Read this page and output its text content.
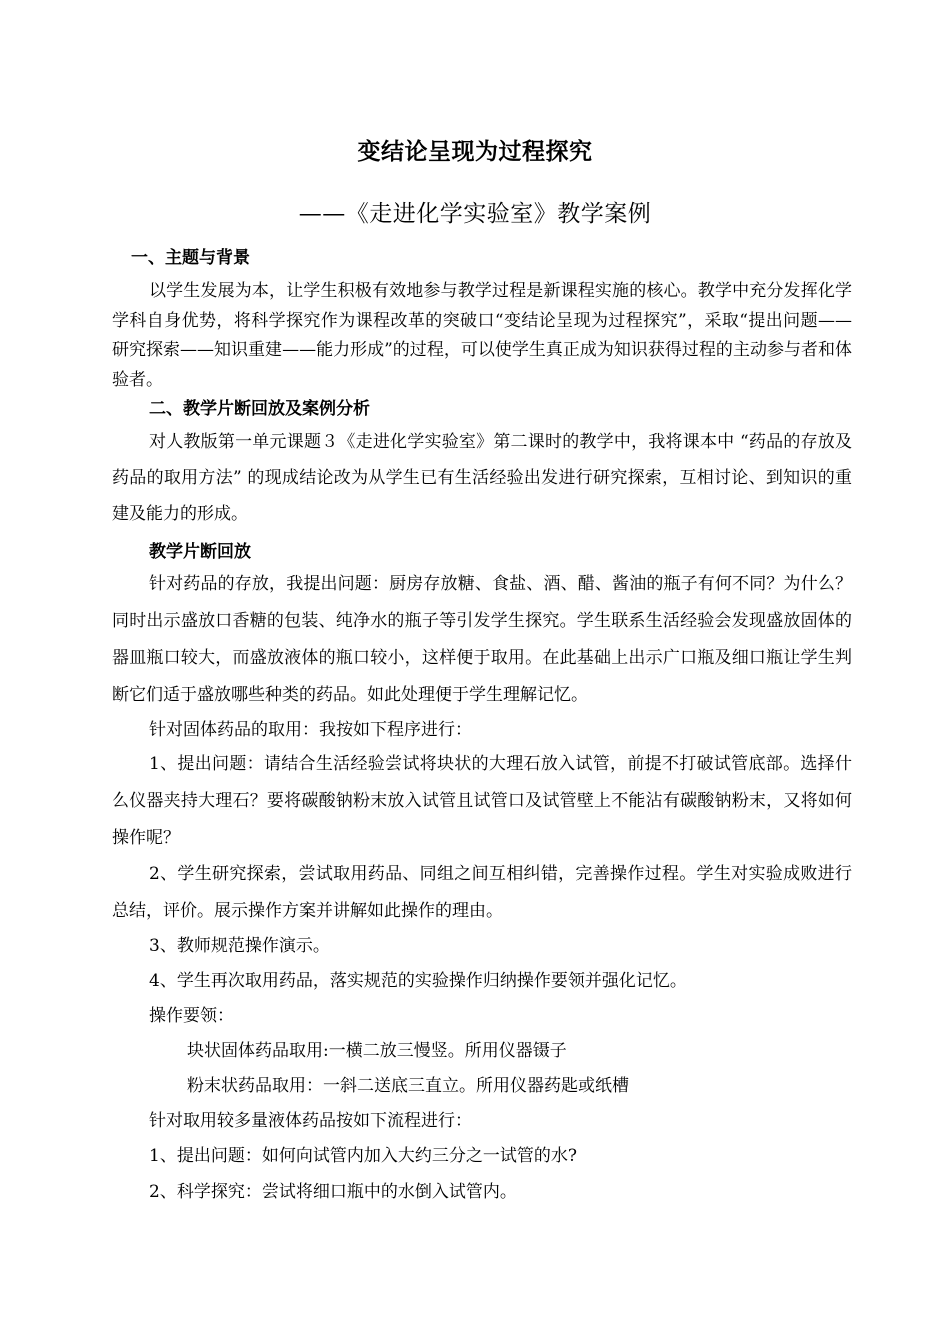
变结论呈现为过程探究
——《走进化学实验室》教学案例
一、主题与背景
以学生发展为本，让学生积极有效地参与教学过程是新课程实施的核心。教学中充分发挥化学学科自身优势，将科学探究作为课程改革的突破口“变结论呈现为过程探究”，采取“提出问题——研究探索——知识重建——能力形成”的过程，可以使学生真正成为知识获得过程的主动参与者和体验者。
二、教学片断回放及案例分析
对人教版第一单元课题３《走进化学实验室》第二课时的教学中，我将课本中 “药品的存放及药品的取用方法” 的现成结论改为从学生已有生活经验出发进行研究探索，互相讨论、到知识的重建及能力的形成。
教学片断回放
针对药品的存放，我提出问题：厨房存放糖、食盐、酒、醋、酱油的瓶子有何不同？为什么？同时出示盛放口香糖的包装、纯净水的瓶子等引发学生探究。学生联系生活经验会发现盛放固体的器皿瓶口较大，而盛放液体的瓶口较小，这样便于取用。在此基础上出示广口瓶及细口瓶让学生判断它们适于盛放哪些种类的药品。如此处理便于学生理解记忆。
针对固体药品的取用：我按如下程序进行：
1、提出问题：请结合生活经验尝试将块状的大理石放入试管，前提不打破试管底部。选择什么仪器夹持大理石？要将碳酸钠粉末放入试管且试管口及试管壁上不能沾有碳酸钠粉末，又将如何操作呢？
2、学生研究探索，尝试取用药品、同组之间互相纠错，完善操作过程。学生对实验成败进行总结，评价。展示操作方案并讲解如此操作的理由。
3、教师规范操作演示。
4、学生再次取用药品，落实规范的实验操作归纳操作要领并强化记忆。
操作要领：
块状固体药品取用:一横二放三慢竖。所用仪器镊子
粉末状药品取用：一斜二送底三直立。所用仪器药匙或纸槽
针对取用较多量液体药品按如下流程进行：
1、提出问题：如何向试管内加入大约三分之一试管的水?
2、科学探究：尝试将细口瓶中的水倒入试管内。
